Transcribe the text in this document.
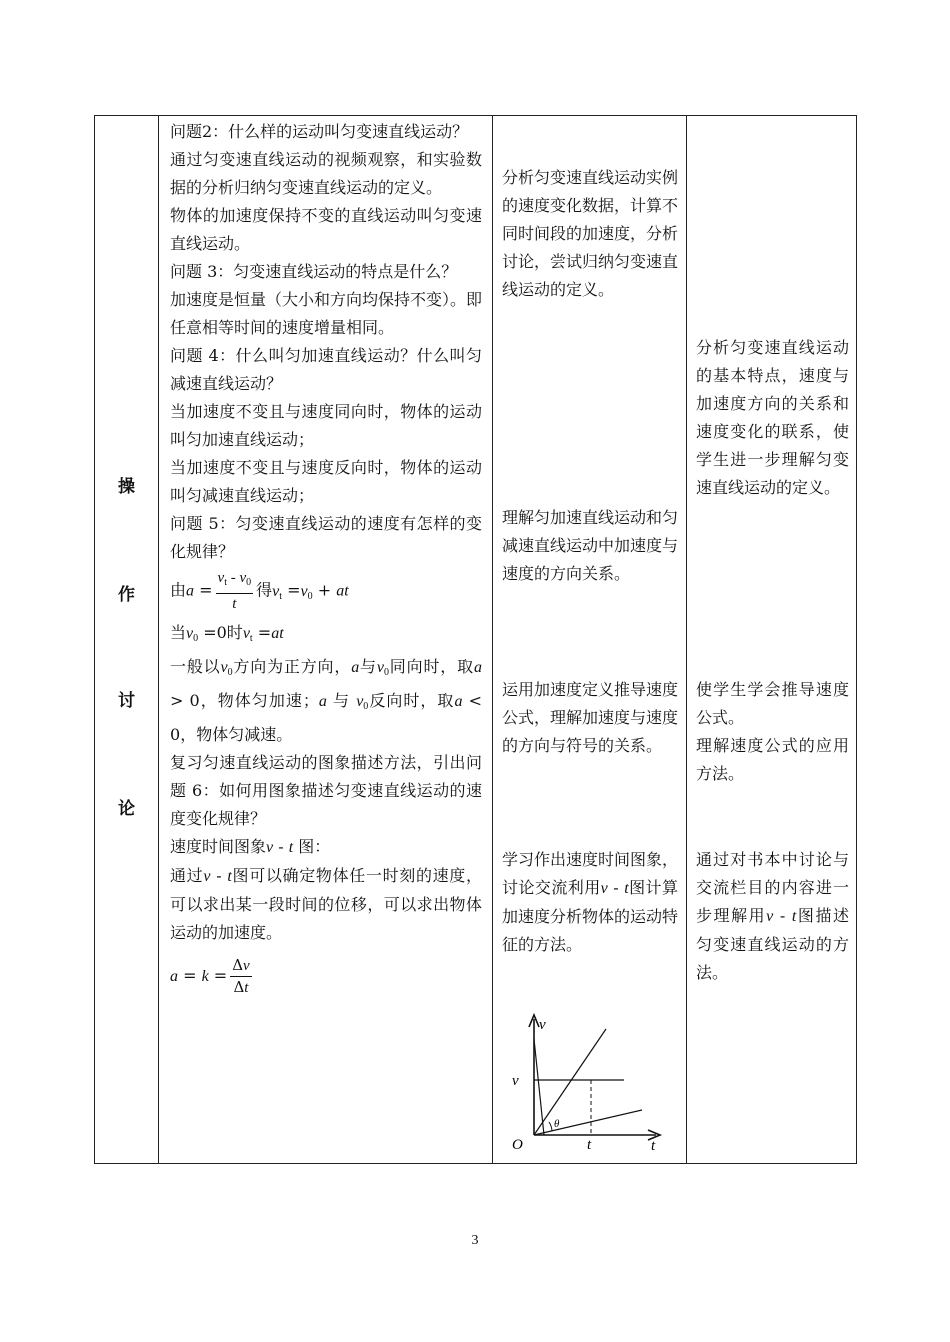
操
作
讨
论

问题2：什么样的运动叫匀变速直线运动？

通过匀变速直线运动的视频观察，和实验数据的分析归纳匀变速直线运动的定义。

物体的加速度保持不变的直线运动叫匀变速直线运动。

问题 3：匀变速直线运动的特点是什么？

加速度是恒量（大小和方向均保持不变）。即任意相等时间的速度增量相同。

问题 4：什么叫匀加速直线运动？什么叫匀减速直线运动？

当加速度不变且与速度同向时，物体的运动叫匀加速直线运动；

当加速度不变且与速度反向时，物体的运动叫匀减速直线运动；

问题 5：匀变速直线运动的速度有怎样的变化规律？

由$a = \frac{v_t - v_0}{t}$ 得$v_t =v_0$ + at

当$v_0 =0$时$v_t =at$

一般以$v_0$方向为正方向，a与$v_0$同向时，取a > 0，物体匀加速；a 与 $v_0$反向时，取a < 0，物体匀减速。

复习匀速直线运动的图象描述方法，引出问题 6：如何用图象描述匀变速直线运动的速度变化规律？

速度时间图象v - t 图：

通过v - t图可以确定物体任一时刻的速度，可以求出某一段时间的位移，可以求出物体运动的加速度。

$a = k = \frac{\Delta v}{\Delta t}$

分析匀变速直线运动实例的速度变化数据，计算不同时间段的加速度，分析讨论，尝试归纳匀变速直线运动的定义。

理解匀加速直线运动和匀减速直线运动中加速度与速度的方向关系。

运用加速度定义推导速度公式，理解加速度与速度的方向与符号的关系。

学习作出速度时间图象，讨论交流利用v - t图计算加速度分析物体的运动特征的方法。

v
v
O	t	t
θ

分析匀变速直线运动的基本特点，速度与加速度方向的关系和速度变化的联系，使学生进一步理解匀变速直线运动的定义。

使学生学会推导速度公式。

理解速度公式的应用方法。

通过对书本中讨论与交流栏目的内容进一步理解用v - t图描述匀变速直线运动的方法。

3
